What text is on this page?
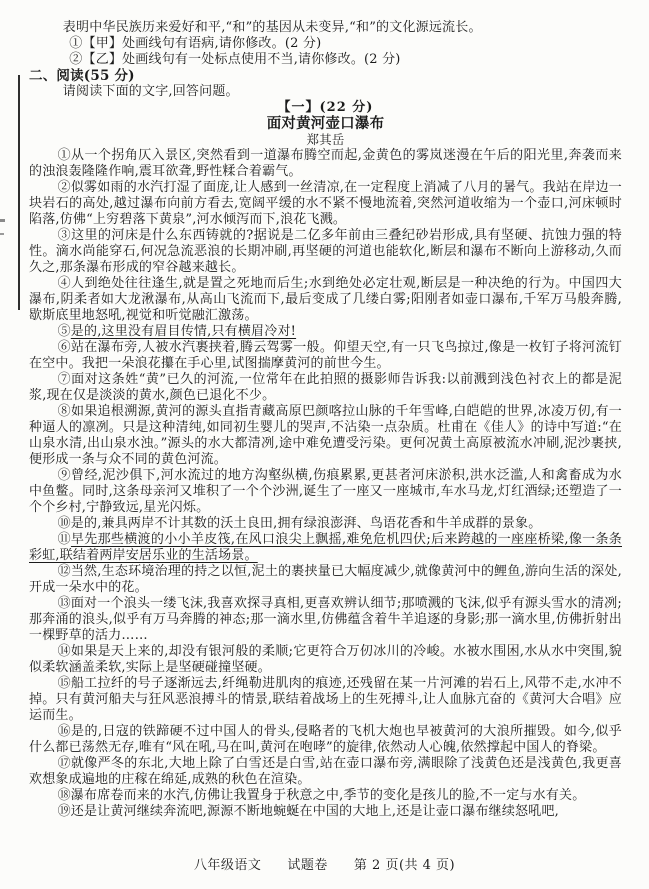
表明中华民族历来爱好和平,“和”的基因从未变异,“和”的文化源远流长。

①【甲】处画线句有语病,请你修改。(2 分)

②【乙】处画线句有一处标点使用不当,请你修改。(2 分)

二、阅读(55 分)

请阅读下面的文字,回答问题。

【一】(22 分)

面对黄河壶口瀑布

郑其岳

①从一个拐角仄入景区,突然看到一道瀑布腾空而起,金黄色的雾岚迷漫在午后的阳光里,奔袭而来的浊浪轰隆隆作响,震耳欲聋,野性糅合着霸气。

②似雾如雨的水汽打湿了面庞,让人感到一丝清凉,在一定程度上消减了八月的暑气。我站在岸边一块岩石的高处,越过瀑布向前方看去,宽阔平缓的水不紧不慢地流着,突然河道收缩为一个壶口,河床顿时陷落,仿佛“上穷碧落下黄泉”,河水倾泻而下,浪花飞溅。

③这里的河床是什么东西铸就的?据说是二亿多年前由三叠纪砂岩形成,具有坚硬、抗蚀力强的特性。滴水尚能穿石,何况急流恶浪的长期冲刷,再坚硬的河道也能软化,断层和瀑布不断向上游移动,久而久之,那条瀑布形成的窄谷越来越长。

④人到绝处往往逢生,就是置之死地而后生;水到绝处必定壮观,断层是一种决绝的行为。中国四大瀑布,阴柔者如大龙湫瀑布,从高山飞流而下,最后变成了几缕白雾;阳刚者如壶口瀑布,千军万马般奔腾,歇斯底里地怒吼,视觉和听觉融汇激荡。

⑤是的,这里没有眉目传情,只有横眉冷对!

⑥站在瀑布旁,人被水汽裹挟着,腾云驾雾一般。仰望天空,有一只飞鸟掠过,像是一枚钉子将河流钉在空中。我把一朵浪花攥在手心里,试图揣摩黄河的前世今生。

⑦面对这条姓“黄”已久的河流,一位常年在此拍照的摄影师告诉我:以前溅到浅色衬衣上的都是泥浆,现在仅是淡淡的黄水,颜色已退化不少。

⑧如果追根溯源,黄河的源头直指青藏高原巴颜喀拉山脉的千年雪峰,白皑皑的世界,冰凌万仞,有一种逼人的凛冽。只是这种清纯,如同初生婴儿的哭声,不沾染一点杂质。杜甫在《佳人》的诗中写道:“在山泉水清,出山泉水浊。”源头的水大都清冽,途中难免遭受污染。更何况黄土高原被流水冲刷,泥沙裹挟,便形成一条与众不同的黄色河流。

⑨曾经,泥沙俱下,河水流过的地方沟壑纵横,伤痕累累,更甚者河床淤积,洪水泛滥,人和禽畜成为水中鱼鳖。同时,这条母亲河又堆积了一个个沙洲,诞生了一座又一座城市,车水马龙,灯红酒绿;还塑造了一个个乡村,宁静致远,星光闪烁。

⑩是的,兼具两岸不计其数的沃土良田,拥有绿浪澎湃、鸟语花香和牛羊成群的景象。

⑪早先那些横渡的小小羊皮筏,在风口浪尖上飘摇,难免危机四伏;后来跨越的一座座桥梁,像一条条彩虹,联结着两岸安居乐业的生活场景。

⑫当然,生态环境治理的持之以恒,泥土的裹挟量已大幅度减少,就像黄河中的鲤鱼,游向生活的深处,开成一朵水中的花。

⑬面对一个浪头一缕飞沫,我喜欢探寻真相,更喜欢辨认细节;那喷溅的飞沫,似乎有源头雪水的清冽;那奔涌的浪头,似乎有万马奔腾的神态;那一滴水里,仿佛蕴含着牛羊追逐的身影;那一滴水里,仿佛折射出一棵野草的活力……

⑭如果是天上来的,却没有银河般的柔顺;它更符合万仞冰川的冷峻。水被水围困,水从水中突围,貌似柔软涵盖柔软,实际上是坚硬碰撞坚硬。

⑮船工拉纤的号子逐渐远去,纤绳勒进肌肉的痕迹,还残留在某一片河滩的岩石上,风带不走,水冲不掉。只有黄河船夫与狂风恶浪搏斗的情景,联结着战场上的生死搏斗,让人血脉亢奋的《黄河大合唱》应运而生。

⑯是的,日寇的铁蹄硬不过中国人的骨头,侵略者的飞机大炮也早被黄河的大浪所摧毁。如今,似乎什么都已荡然无存,唯有“风在吼,马在叫,黄河在咆哮”的旋律,依然动人心魄,依然撑起中国人的脊梁。

⑰就像严冬的东北,大地上除了白雪还是白雪,站在壶口瀑布旁,满眼除了浅黄色还是浅黄色,我更喜欢想象成遍地的庄稼在绵延,成熟的秋色在渲染。

⑱瀑布席卷而来的水汽,仿佛让我置身于秋意之中,季节的变化是孩儿的脸,不一定与水有关。

⑲还是让黄河继续奔流吧,源源不断地蜿蜒在中国的大地上,还是让壶口瀑布继续怒吼吧,

八年级语文 试题卷 第 2 页(共 4 页)
